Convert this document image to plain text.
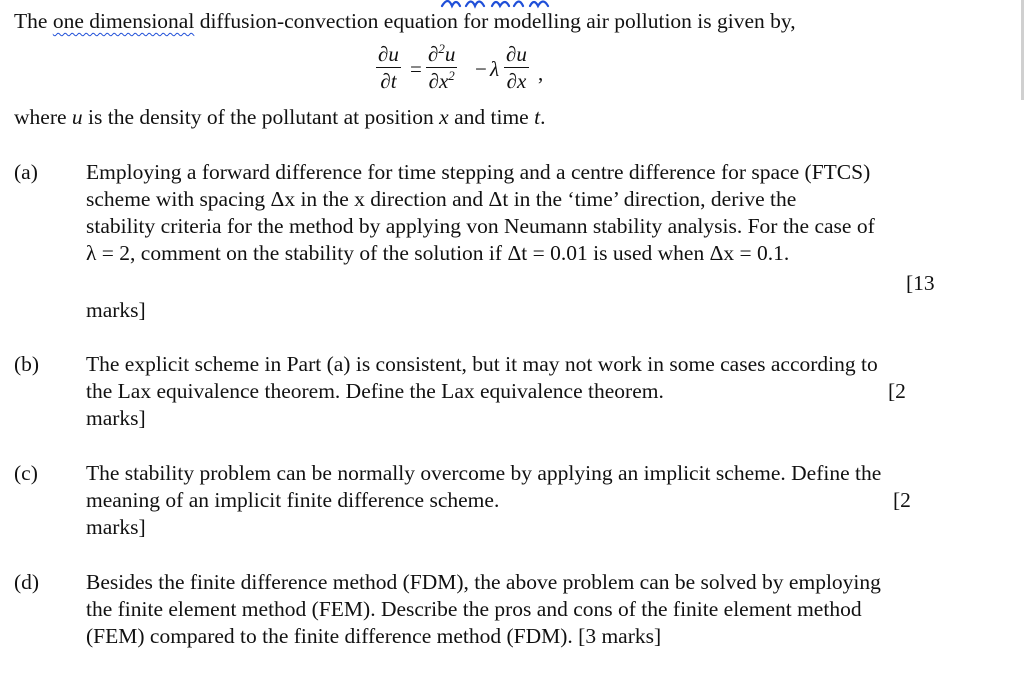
The one dimensional diffusion-convection equation for modelling air pollution is given by,
$\frac{\partial u}{\partial t} = \frac{\partial^2u}{\partial x^2} - \lambda \frac{\partial u}{\partial x}$ ,
where u is the density of the pollutant at position x and time t.
(a) Employing a forward difference for time stepping and a centre difference for space (FTCS)
scheme with spacing Δx in the x direction and Δt in the ‘time’ direction, derive the
stability criteria for the method by applying von Neumann stability analysis. For the case of
λ = 2, comment on the stability of the solution if Δt = 0.01 is used when Δx = 0.1.
[13
marks]
(b) The explicit scheme in Part (a) is consistent, but it may not work in some cases according to
the Lax equivalence theorem. Define the Lax equivalence theorem.	[2
marks]
(c) The stability problem can be normally overcome by applying an implicit scheme. Define the
meaning of an implicit finite difference scheme.	[2
marks]
(d) Besides the finite difference method (FDM), the above problem can be solved by employing
the finite element method (FEM). Describe the pros and cons of the finite element method
(FEM) compared to the finite difference method (FDM). [3 marks]
